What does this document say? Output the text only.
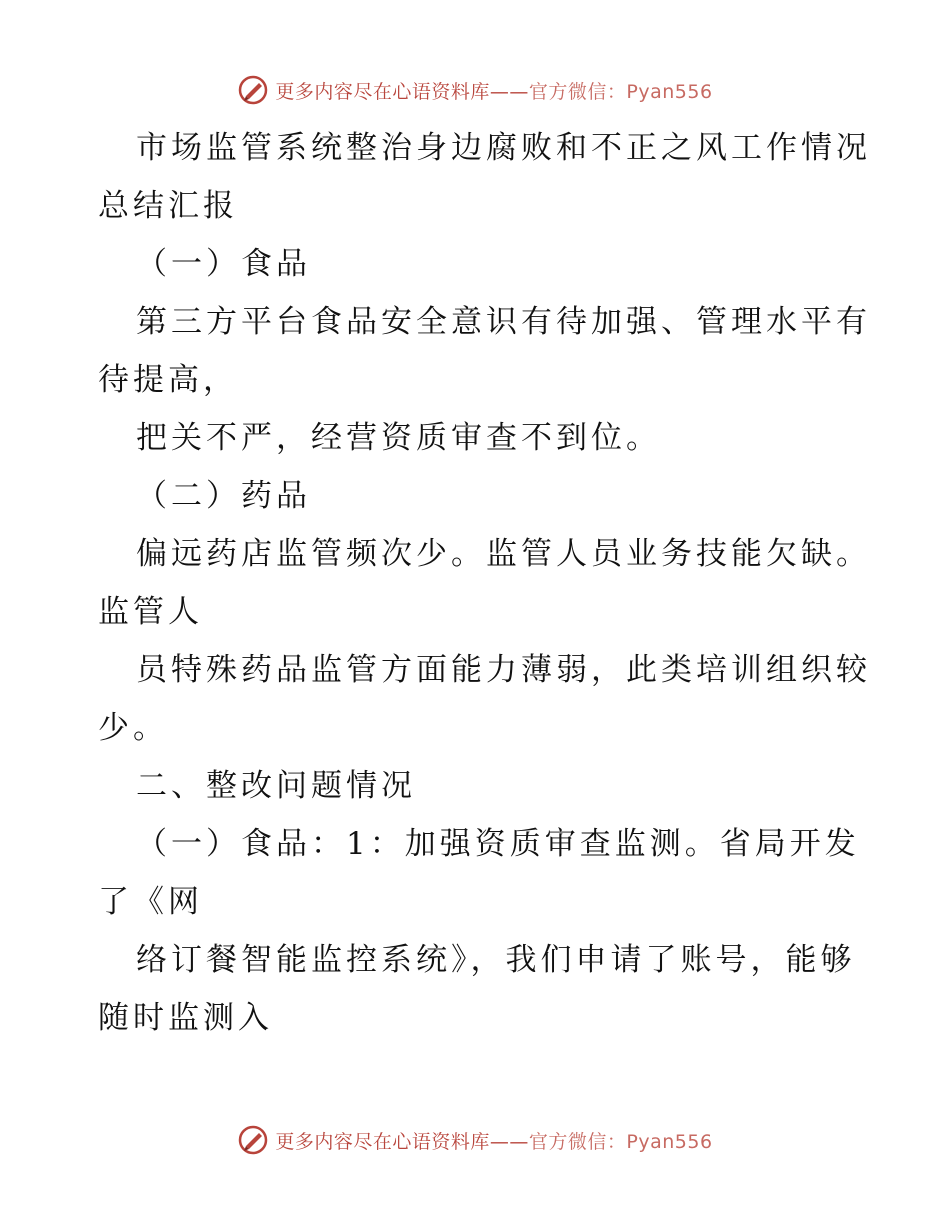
更多内容尽在心语资料库——官方微信：Pyan556
市场监管系统整治身边腐败和不正之风工作情况
总结汇报
（一）食品
第三方平台食品安全意识有待加强、管理水平有
待提高，
把关不严，经营资质审查不到位。
（二）药品
偏远药店监管频次少。监管人员业务技能欠缺。
监管人
员特殊药品监管方面能力薄弱，此类培训组织较
少。
二、整改问题情况
（一）食品：1：加强资质审查监测。省局开发
了《网
络订餐智能监控系统》，我们申请了账号，能够
随时监测入
更多内容尽在心语资料库——官方微信：Pyan556
